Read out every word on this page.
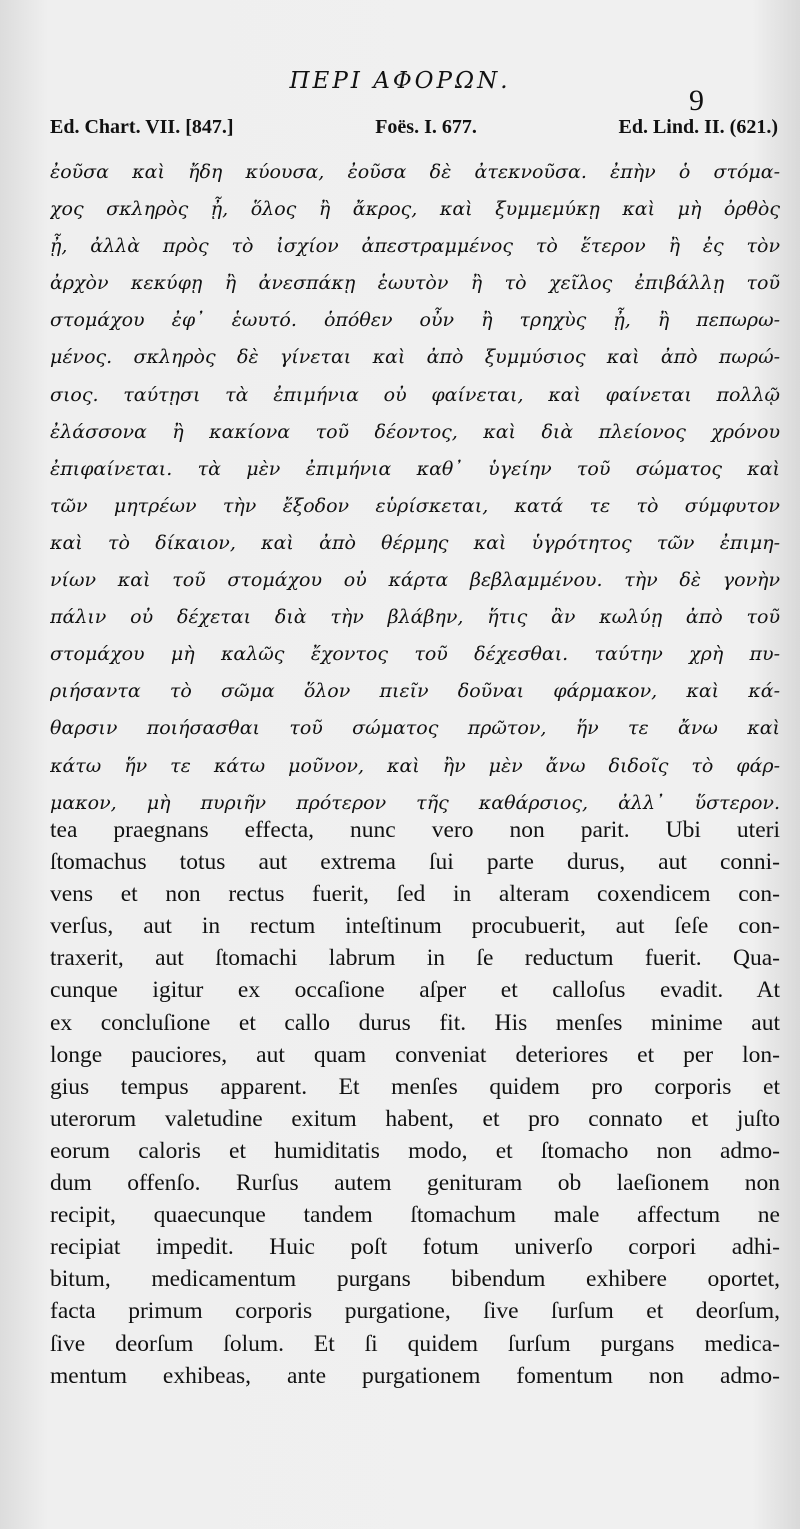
ΠΕΡΙ ΑΦΟΡΩΝ.
9
Ed. Chart. VII. [847.]	Foës. I. 677.	Ed. Lind. II. (621.)
ἐοῦσα καὶ ἤδη κύουσα, ἐοῦσα δὲ ἀτεκνοῦσα. ἐπὴν ὁ στόμα-
χος σκληρὸς ᾖ, ὅλος ἢ ἄκρος, καὶ ξυμμεμύκῃ καὶ μὴ ὀρθὸς
ᾖ, ἀλλὰ πρὸς τὸ ἰσχίον ἀπεστραμμένος τὸ ἕτερον ἢ ἐς τὸν
ἀρχὸν κεκύφῃ ἢ ἀνεσπάκῃ ἑωυτὸν ἢ τὸ χεῖλος ἐπιβάλλῃ τοῦ
στομάχου ἐφ᾽ ἑωυτό. ὁπόθεν οὖν ἢ τρηχὺς ᾖ, ἢ πεπωρω-
μένος. σκληρὸς δὲ γίνεται καὶ ἀπὸ ξυμμύσιος καὶ ἀπὸ πωρώ-
σιος. ταύτῃσι τὰ ἐπιμήνια οὐ φαίνεται, καὶ φαίνεται πολλῷ
ἐλάσσονα ἢ κακίονα τοῦ δέοντος, καὶ διὰ πλείονος χρόνου
ἐπιφαίνεται. τὰ μὲν ἐπιμήνια καθ᾽ ὑγείην τοῦ σώματος καὶ
τῶν μητρέων τὴν ἔξοδον εὑρίσκεται, κατά τε τὸ σύμφυτον
καὶ τὸ δίκαιον, καὶ ἀπὸ θέρμης καὶ ὑγρότητος τῶν ἐπιμη-
νίων καὶ τοῦ στομάχου οὐ κάρτα βεβλαμμένου. τὴν δὲ γονὴν
πάλιν οὐ δέχεται διὰ τὴν βλάβην, ἥτις ἂν κωλύῃ ἀπὸ τοῦ
στομάχου μὴ καλῶς ἔχοντος τοῦ δέχεσθαι. ταύτην χρὴ πυ-
ριήσαντα τὸ σῶμα ὅλον πιεῖν δοῦναι φάρμακον, καὶ κά-
θαρσιν ποιήσασθαι τοῦ σώματος πρῶτον, ἥν τε ἄνω καὶ
κάτω ἥν τε κάτω μοῦνον, καὶ ἢν μὲν ἄνω διδοῖς τὸ φάρ-
μακον, μὴ πυριῆν πρότερον τῆς καθάρσιος, ἀλλ᾽ ὕστερον.
tea praegnans effecta, nunc vero non parit. Ubi uteri
ſtomachus totus aut extrema ſui parte durus, aut conni-
vens et non rectus fuerit, ſed in alteram coxendicem con-
verſus, aut in rectum inteſtinum procubuerit, aut ſeſe con-
traxerit, aut ſtomachi labrum in ſe reductum fuerit. Qua-
cunque igitur ex occaſione aſper et calloſus evadit. At
ex concluſione et callo durus fit. His menſes minime aut
longe pauciores, aut quam conveniat deteriores et per lon-
gius tempus apparent. Et menſes quidem pro corporis et
uterorum valetudine exitum habent, et pro connato et juſto
eorum caloris et humiditatis modo, et ſtomacho non admo-
dum offenſo. Rurſus autem genituram ob laeſionem non
recipit, quaecunque tandem ſtomachum male affectum ne
recipiat impedit. Huic poſt fotum univerſo corpori adhi-
bitum, medicamentum purgans bibendum exhibere oportet,
facta primum corporis purgatione, ſive ſurſum et deorſum,
ſive deorſum ſolum. Et ſi quidem ſurſum purgans medica-
mentum exhibeas, ante purgationem fomentum non admo-
